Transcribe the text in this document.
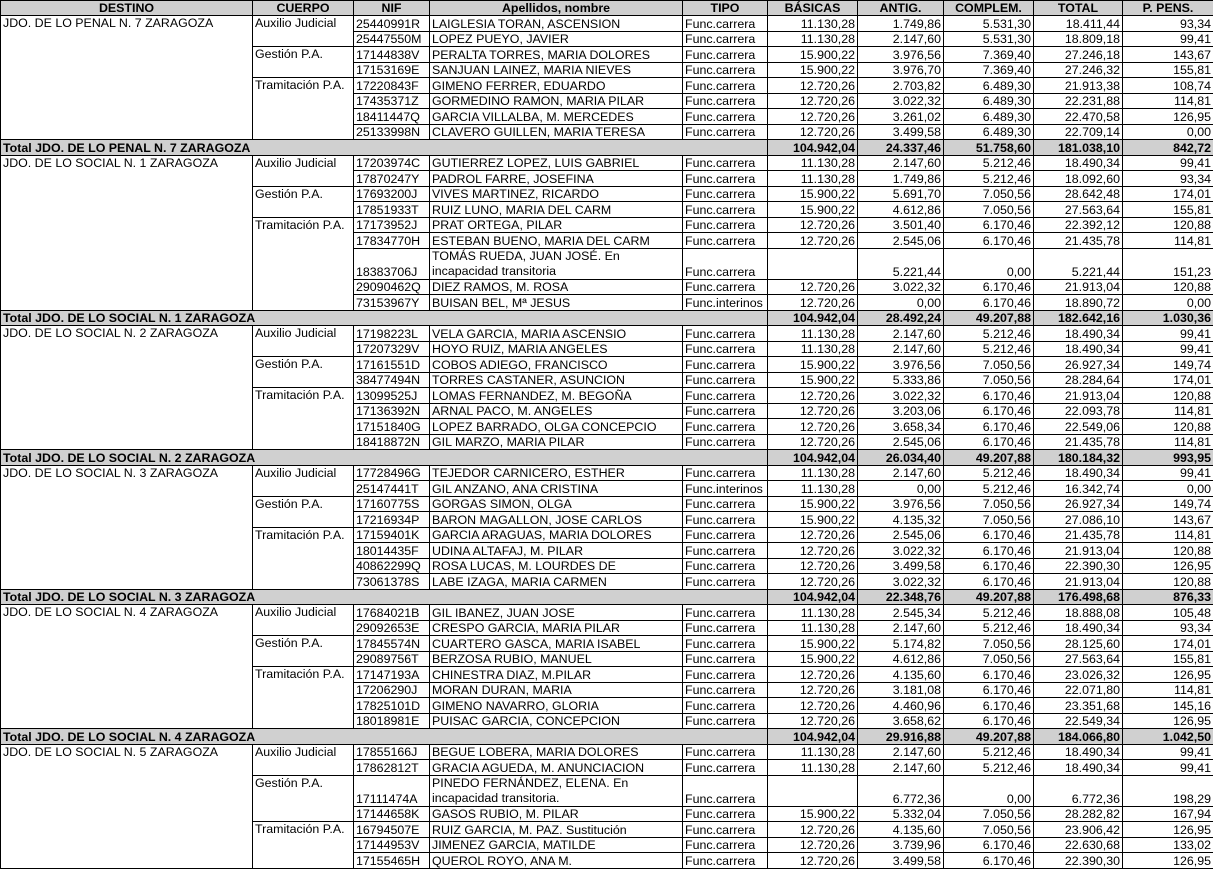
DESTINO	CUERPO	NIF	Apellidos, nombre	TIPO	BÁSICAS	ANTIG.	COMPLEM.	TOTAL	P. PENS.
JDO. DE LO PENAL N. 7 ZARAGOZA	Auxilio Judicial	25440991R	LAIGLESIA TORAN, ASCENSION	Func.carrera	11.130,28	1.749,86	5.531,30	18.411,44	93,34
		25447550M	LOPEZ PUEYO, JAVIER	Func.carrera	11.130,28	2.147,60	5.531,30	18.809,18	99,41
	Gestión P.A.	17144838V	PERALTA TORRES, MARIA DOLORES	Func.carrera	15.900,22	3.976,56	7.369,40	27.246,18	143,67
		17153169E	SANJUAN LAINEZ, MARIA NIEVES	Func.carrera	15.900,22	3.976,70	7.369,40	27.246,32	155,81
	Tramitación P.A.	17220843F	GIMENO FERRER, EDUARDO	Func.carrera	12.720,26	2.703,82	6.489,30	21.913,38	108,74
		17435371Z	GORMEDINO RAMON, MARIA PILAR	Func.carrera	12.720,26	3.022,32	6.489,30	22.231,88	114,81
		18411447Q	GARCIA VILLALBA, M. MERCEDES	Func.carrera	12.720,26	3.261,02	6.489,30	22.470,58	126,95
		25133998N	CLAVERO GUILLEN, MARIA TERESA	Func.carrera	12.720,26	3.499,58	6.489,30	22.709,14	0,00
Total JDO. DE LO PENAL N. 7 ZARAGOZA					104.942,04	24.337,46	51.758,60	181.038,10	842,72
JDO. DE LO SOCIAL N. 1 ZARAGOZA	Auxilio Judicial	17203974C	GUTIERREZ LOPEZ, LUIS GABRIEL	Func.carrera	11.130,28	2.147,60	5.212,46	18.490,34	99,41
		17870247Y	PADROL FARRE, JOSEFINA	Func.carrera	11.130,28	1.749,86	5.212,46	18.092,60	93,34
	Gestión P.A.	17693200J	VIVES MARTINEZ, RICARDO	Func.carrera	15.900,22	5.691,70	7.050,56	28.642,48	174,01
		17851933T	RUIZ LUNO, MARIA DEL CARM	Func.carrera	15.900,22	4.612,86	7.050,56	27.563,64	155,81
	Tramitación P.A.	17173952J	PRAT ORTEGA, PILAR	Func.carrera	12.720,26	3.501,40	6.170,46	22.392,12	120,88
		17834770H	ESTEBAN BUENO, MARIA DEL CARM	Func.carrera	12.720,26	2.545,06	6.170,46	21.435,78	114,81
		18383706J	TOMÁS RUEDA, JUAN JOSÉ. En incapacidad transitoria	Func.carrera		5.221,44	0,00	5.221,44	151,23
		29090462Q	DIEZ RAMOS, M. ROSA	Func.carrera	12.720,26	3.022,32	6.170,46	21.913,04	120,88
		73153967Y	BUISAN BEL, Mª JESUS	Func.interinos	12.720,26	0,00	6.170,46	18.890,72	0,00
Total JDO. DE LO SOCIAL N. 1 ZARAGOZA					104.942,04	28.492,24	49.207,88	182.642,16	1.030,36
JDO. DE LO SOCIAL N. 2 ZARAGOZA	Auxilio Judicial	17198223L	VELA GARCIA, MARIA ASCENSIO	Func.carrera	11.130,28	2.147,60	5.212,46	18.490,34	99,41
		17207329V	HOYO RUIZ, MARIA ANGELES	Func.carrera	11.130,28	2.147,60	5.212,46	18.490,34	99,41
	Gestión P.A.	17161551D	COBOS ADIEGO, FRANCISCO	Func.carrera	15.900,22	3.976,56	7.050,56	26.927,34	149,74
		38477494N	TORRES CASTANER, ASUNCION	Func.carrera	15.900,22	5.333,86	7.050,56	28.284,64	174,01
	Tramitación P.A.	13099525J	LOMAS FERNANDEZ, M. BEGOÑA	Func.carrera	12.720,26	3.022,32	6.170,46	21.913,04	120,88
		17136392N	ARNAL PACO, M. ANGELES	Func.carrera	12.720,26	3.203,06	6.170,46	22.093,78	114,81
		17151840G	LOPEZ BARRADO, OLGA CONCEPCIO	Func.carrera	12.720,26	3.658,34	6.170,46	22.549,06	120,88
		18418872N	GIL MARZO, MARIA PILAR	Func.carrera	12.720,26	2.545,06	6.170,46	21.435,78	114,81
Total JDO. DE LO SOCIAL N. 2 ZARAGOZA					104.942,04	26.034,40	49.207,88	180.184,32	993,95
JDO. DE LO SOCIAL N. 3 ZARAGOZA	Auxilio Judicial	17728496G	TEJEDOR CARNICERO, ESTHER	Func.carrera	11.130,28	2.147,60	5.212,46	18.490,34	99,41
		25147441T	GIL ANZANO, ANA CRISTINA	Func.interinos	11.130,28	0,00	5.212,46	16.342,74	0,00
	Gestión P.A.	17160775S	GORGAS SIMON, OLGA	Func.carrera	15.900,22	3.976,56	7.050,56	26.927,34	149,74
		17216934P	BARON MAGALLON, JOSE CARLOS	Func.carrera	15.900,22	4.135,32	7.050,56	27.086,10	143,67
	Tramitación P.A.	17159401K	GARCIA ARAGUAS, MARIA DOLORES	Func.carrera	12.720,26	2.545,06	6.170,46	21.435,78	114,81
		18014435F	UDINA ALTAFAJ, M. PILAR	Func.carrera	12.720,26	3.022,32	6.170,46	21.913,04	120,88
		40862299Q	ROSA LUCAS, M. LOURDES DE	Func.carrera	12.720,26	3.499,58	6.170,46	22.390,30	126,95
		73061378S	LABE IZAGA, MARIA CARMEN	Func.carrera	12.720,26	3.022,32	6.170,46	21.913,04	120,88
Total JDO. DE LO SOCIAL N. 3 ZARAGOZA					104.942,04	22.348,76	49.207,88	176.498,68	876,33
JDO. DE LO SOCIAL N. 4 ZARAGOZA	Auxilio Judicial	17684021B	GIL IBANEZ, JUAN JOSE	Func.carrera	11.130,28	2.545,34	5.212,46	18.888,08	105,48
		29092653E	CRESPO GARCIA, MARIA PILAR	Func.carrera	11.130,28	2.147,60	5.212,46	18.490,34	93,34
	Gestión P.A.	17845574N	CUARTERO GASCA, MARIA ISABEL	Func.carrera	15.900,22	5.174,82	7.050,56	28.125,60	174,01
		29089756T	BERZOSA RUBIO, MANUEL	Func.carrera	15.900,22	4.612,86	7.050,56	27.563,64	155,81
	Tramitación P.A.	17147193A	CHINESTRA DIAZ, M.PILAR	Func.carrera	12.720,26	4.135,60	6.170,46	23.026,32	126,95
		17206290J	MORAN DURAN, MARIA	Func.carrera	12.720,26	3.181,08	6.170,46	22.071,80	114,81
		17825101D	GIMENO NAVARRO, GLORIA	Func.carrera	12.720,26	4.460,96	6.170,46	23.351,68	145,16
		18018981E	PUISAC GARCIA, CONCEPCION	Func.carrera	12.720,26	3.658,62	6.170,46	22.549,34	126,95
Total JDO. DE LO SOCIAL N. 4 ZARAGOZA					104.942,04	29.916,88	49.207,88	184.066,80	1.042,50
JDO. DE LO SOCIAL N. 5 ZARAGOZA	Auxilio Judicial	17855166J	BEGUE LOBERA, MARIA DOLORES	Func.carrera	11.130,28	2.147,60	5.212,46	18.490,34	99,41
		17862812T	GRACIA AGUEDA, M. ANUNCIACION	Func.carrera	11.130,28	2.147,60	5.212,46	18.490,34	99,41
	Gestión P.A.	17111474A	PINEDO FERNÁNDEZ, ELENA. En incapacidad transitoria.	Func.carrera		6.772,36	0,00	6.772,36	198,29
		17144658K	GASOS RUBIO, M. PILAR	Func.carrera	15.900,22	5.332,04	7.050,56	28.282,82	167,94
	Tramitación P.A.	16794507E	RUIZ GARCIA, M. PAZ. Sustitución	Func.carrera	12.720,26	4.135,60	7.050,56	23.906,42	126,95
		17144953V	JIMENEZ GARCIA, MATILDE	Func.carrera	12.720,26	3.739,96	6.170,46	22.630,68	133,02
		17155465H	QUEROL ROYO, ANA M.	Func.carrera	12.720,26	3.499,58	6.170,46	22.390,30	126,95
